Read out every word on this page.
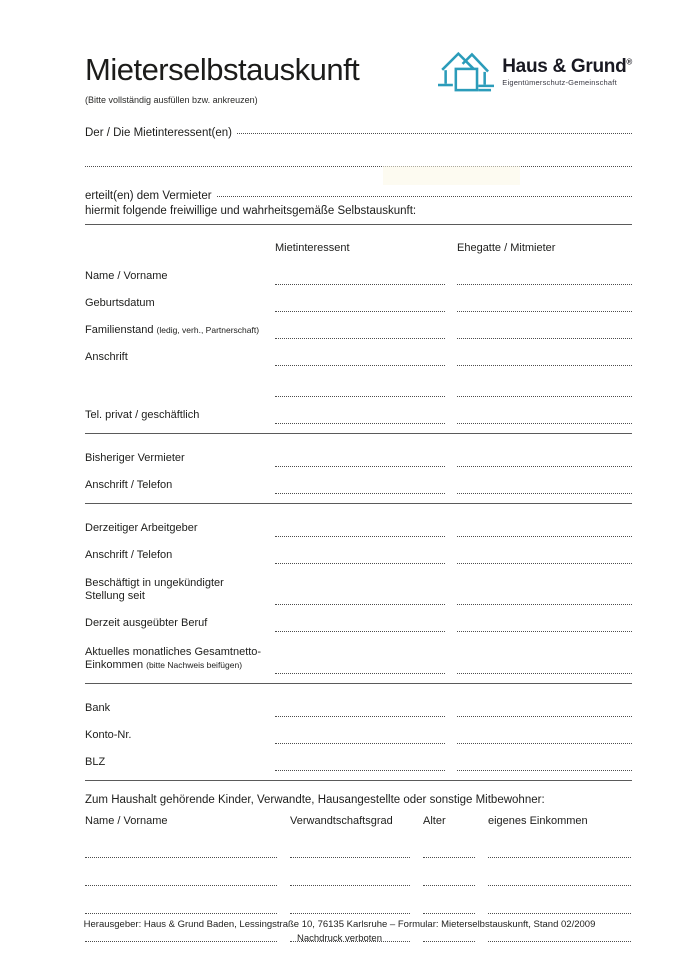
Mieterselbstauskunft
(Bitte vollständig ausfüllen bzw. ankreuzen)
Haus & Grund®
Eigentümerschutz-Gemeinschaft
Der / Die Mietinteressent(en)
erteilt(en) dem Vermieter
hiermit folgende freiwillige und wahrheitsgemäße Selbstauskunft:
Mietinteressent	Ehegatte / Mitmieter
Name / Vorname
Geburtsdatum
Familienstand (ledig, verh., Partnerschaft)
Anschrift
Tel. privat / geschäftlich
Bisheriger Vermieter
Anschrift / Telefon
Derzeitiger Arbeitgeber
Anschrift / Telefon
Beschäftigt in ungekündigter
Stellung seit
Derzeit ausgeübter Beruf
Aktuelles monatliches Gesamtnetto-
Einkommen (bitte Nachweis beifügen)
Bank
Konto-Nr.
BLZ
Zum Haushalt gehörende Kinder, Verwandte, Hausangestellte oder sonstige Mitbewohner:
Name / Vorname	Verwandtschaftsgrad	Alter	eigenes Einkommen
Herausgeber: Haus & Grund Baden, Lessingstraße 10, 76135 Karlsruhe – Formular: Mieterselbstauskunft, Stand 02/2009
Nachdruck verboten
